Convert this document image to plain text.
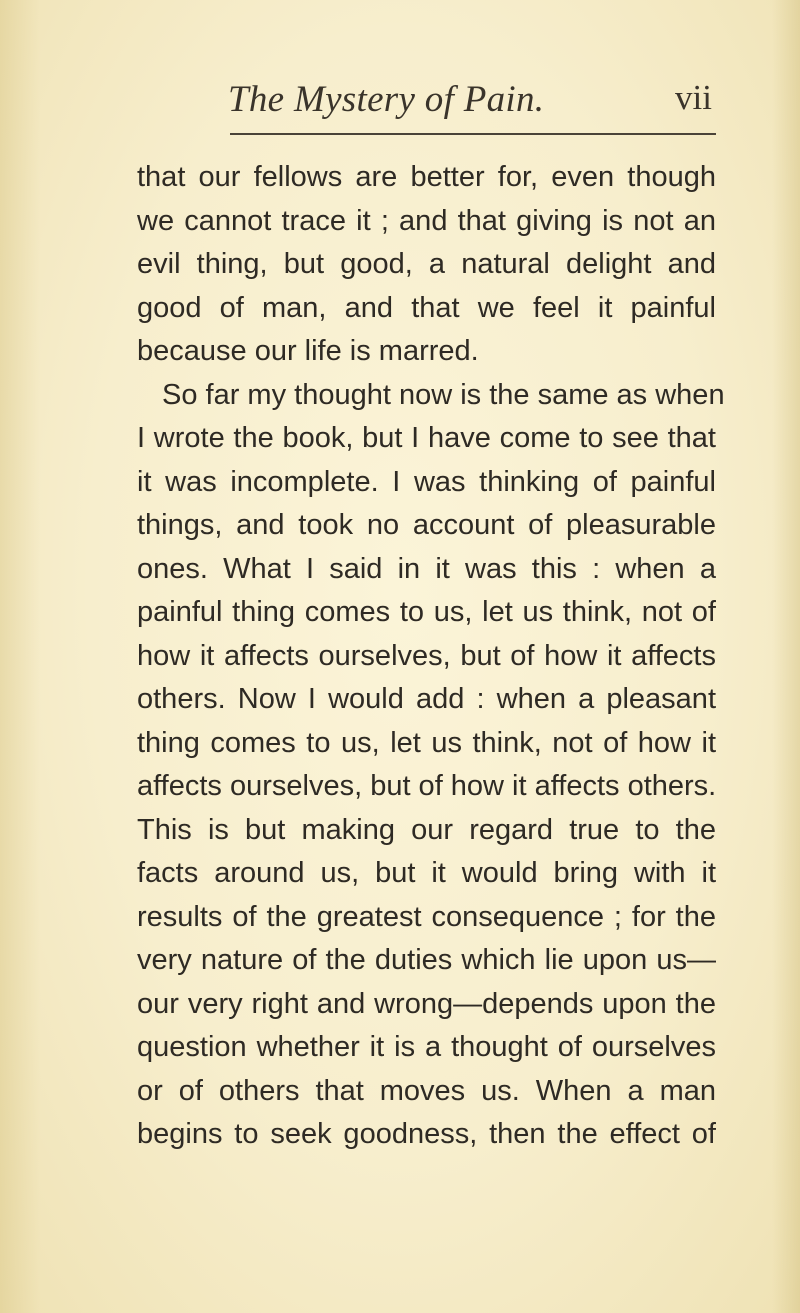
The Mystery of Pain.	vii
that our fellows are better for, even though
we cannot trace it ; and that giving is not an
evil thing, but good, a natural delight and
good of man, and that we feel it painful
because our life is marred.
So far my thought now is the same as when
I wrote the book, but I have come to see that
it was incomplete. I was thinking of painful
things, and took no account of pleasurable
ones. What I said in it was this : when a
painful thing comes to us, let us think, not of
how it affects ourselves, but of how it affects
others. Now I would add : when a pleasant
thing comes to us, let us think, not of how it
affects ourselves, but of how it affects others.
This is but making our regard true to the
facts around us, but it would bring with it
results of the greatest consequence ; for the
very nature of the duties which lie upon us—
our very right and wrong—depends upon the
question whether it is a thought of ourselves
or of others that moves us. When a man
begins to seek goodness, then the effect of
